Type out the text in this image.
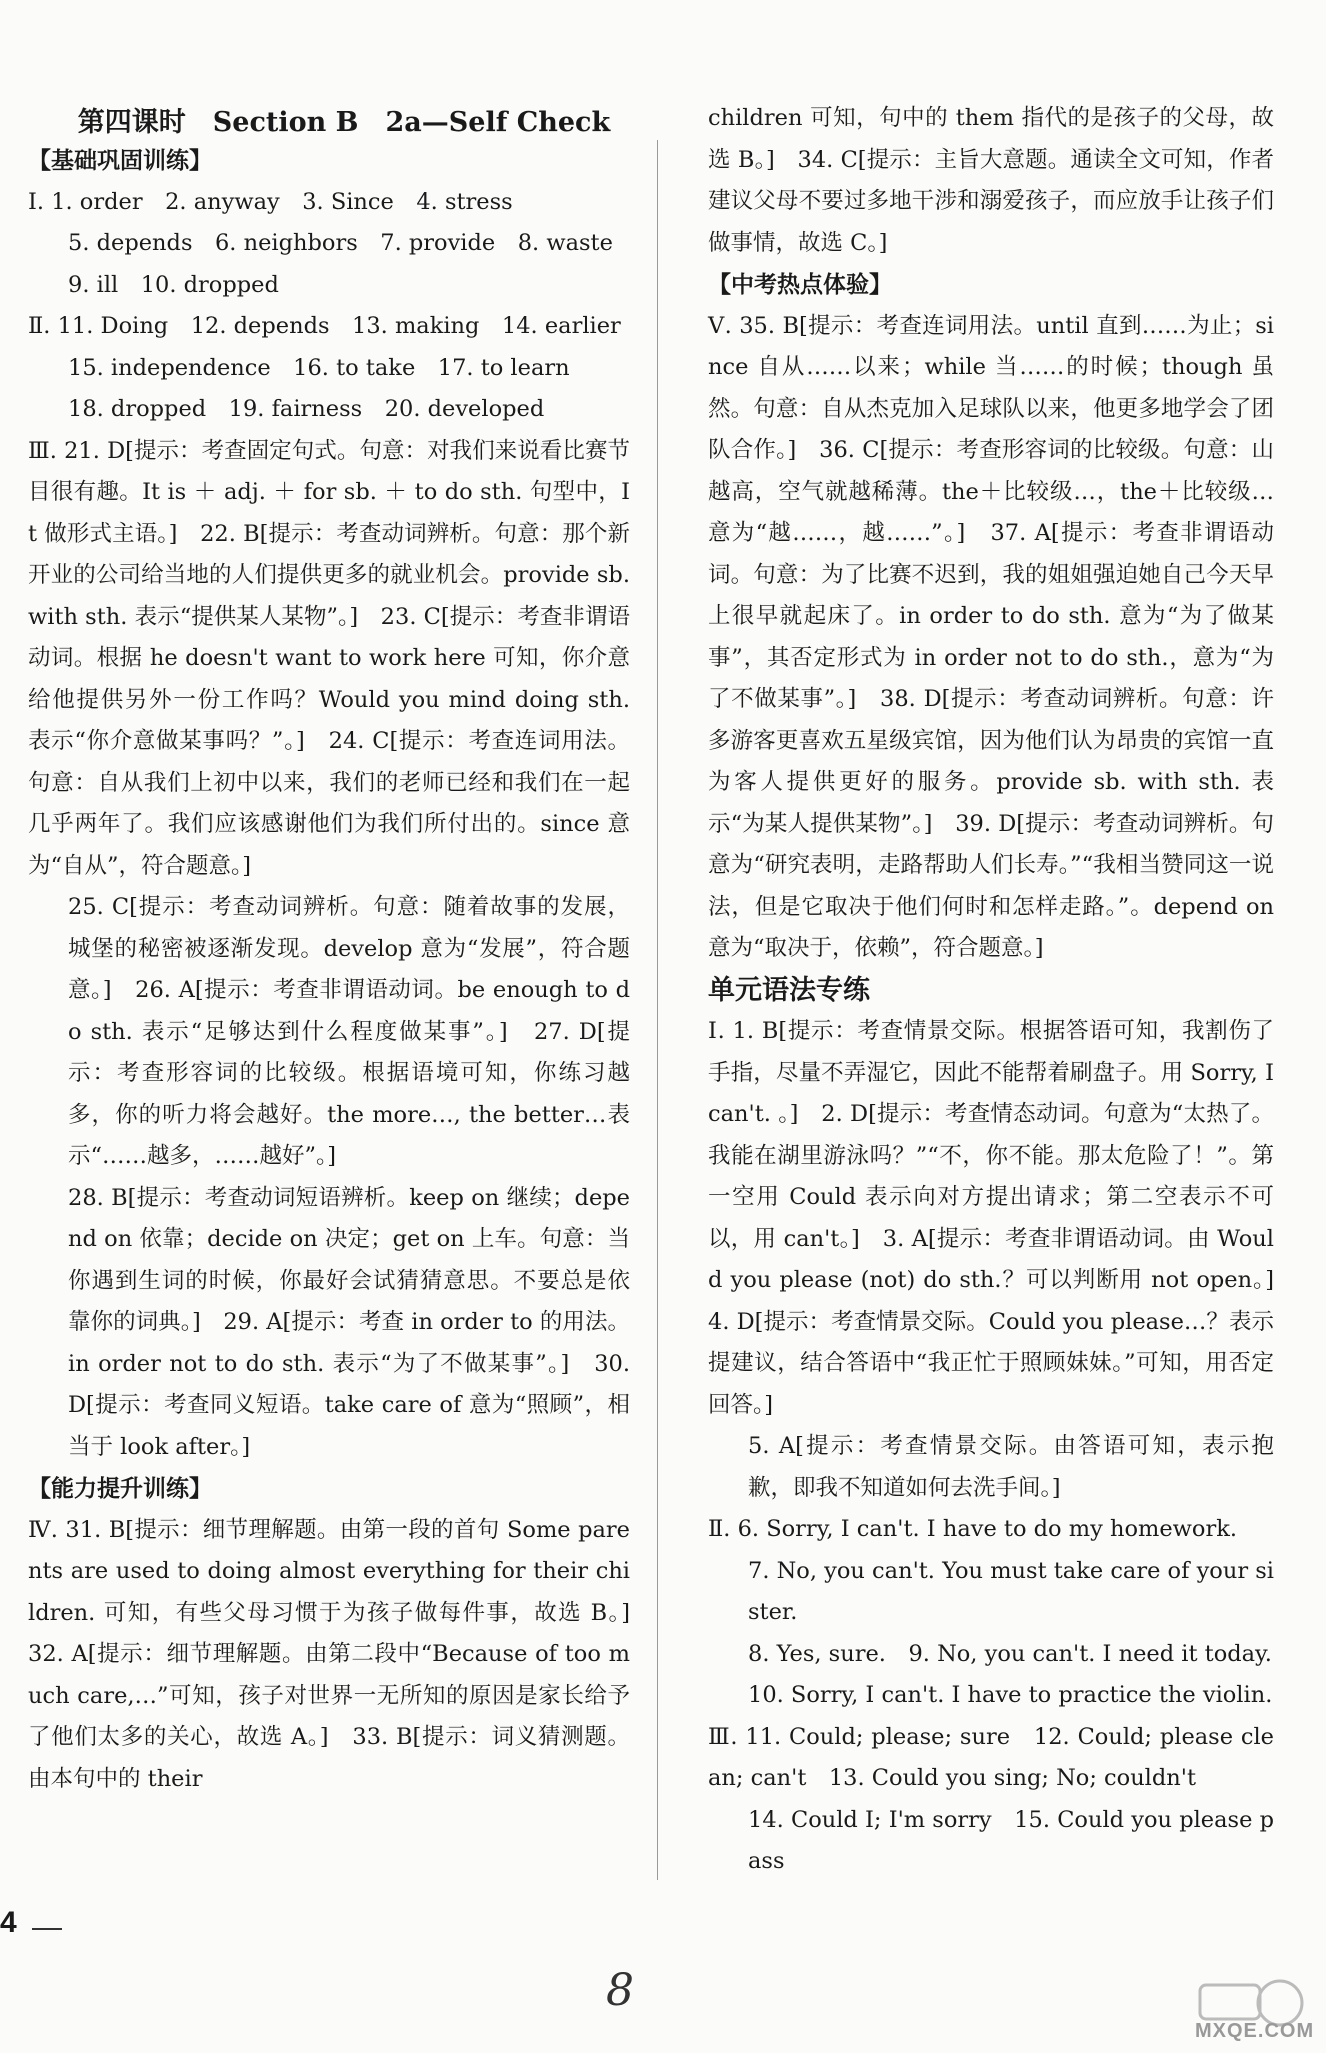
第四课时　Section B　2a—Self Check

【基础巩固训练】

Ⅰ. 1. order　2. anyway　3. Since　4. stress

5. depends　6. neighbors　7. provide　8. waste

9. ill　10. dropped

Ⅱ. 11. Doing　12. depends　13. making　14. earlier

15. independence　16. to take　17. to learn

18. dropped　19. fairness　20. developed

Ⅲ. 21. D[提示：考查固定句式。句意：对我们来说看比赛节目很有趣。It is ＋ adj. ＋ for sb. ＋ to do sth. 句型中，It 做形式主语。]　22. B[提示：考查动词辨析。句意：那个新开业的公司给当地的人们提供更多的就业机会。provide sb. with sth. 表示“提供某人某物”。]　23. C[提示：考查非谓语动词。根据 he doesn't want to work here 可知，你介意给他提供另外一份工作吗？Would you mind doing sth. 表示“你介意做某事吗？”。]　24. C[提示：考查连词用法。句意：自从我们上初中以来，我们的老师已经和我们在一起几乎两年了。我们应该感谢他们为我们所付出的。since 意为“自从”，符合题意。]

25. C[提示：考查动词辨析。句意：随着故事的发展，城堡的秘密被逐渐发现。develop 意为“发展”，符合题意。]　26. A[提示：考查非谓语动词。be enough to do sth. 表示“足够达到什么程度做某事”。]　27. D[提示：考查形容词的比较级。根据语境可知，你练习越多，你的听力将会越好。the more…, the better…表示“……越多，……越好”。]

28. B[提示：考查动词短语辨析。keep on 继续；depend on 依靠；decide on 决定；get on 上车。句意：当你遇到生词的时候，你最好会试猜猜意思。不要总是依靠你的词典。]　29. A[提示：考查 in order to 的用法。in order not to do sth. 表示“为了不做某事”。]　30. D[提示：考查同义短语。take care of 意为“照顾”，相当于 look after。]

【能力提升训练】

Ⅳ. 31. B[提示：细节理解题。由第一段的首句 Some parents are used to doing almost everything for their children. 可知，有些父母习惯于为孩子做每件事，故选 B。]　32. A[提示：细节理解题。由第二段中“Because of too much care,…”可知，孩子对世界一无所知的原因是家长给予了他们太多的关心，故选 A。]　33. B[提示：词义猜测题。由本句中的 their

children 可知，句中的 them 指代的是孩子的父母，故选 B。]　34. C[提示：主旨大意题。通读全文可知，作者建议父母不要过多地干涉和溺爱孩子，而应放手让孩子们做事情，故选 C。]

【中考热点体验】

Ⅴ. 35. B[提示：考查连词用法。until 直到……为止；since 自从……以来；while 当……的时候；though 虽然。句意：自从杰克加入足球队以来，他更多地学会了团队合作。]　36. C[提示：考查形容词的比较级。句意：山越高，空气就越稀薄。the＋比较级…，the＋比较级…意为“越……，越……”。]　37. A[提示：考查非谓语动词。句意：为了比赛不迟到，我的姐姐强迫她自己今天早上很早就起床了。in order to do sth. 意为“为了做某事”，其否定形式为 in order not to do sth.，意为“为了不做某事”。]　38. D[提示：考查动词辨析。句意：许多游客更喜欢五星级宾馆，因为他们认为昂贵的宾馆一直为客人提供更好的服务。provide sb. with sth. 表示“为某人提供某物”。]　39. D[提示：考查动词辨析。句意为“研究表明，走路帮助人们长寿。”“我相当赞同这一说法，但是它取决于他们何时和怎样走路。”。depend on 意为“取决于，依赖”，符合题意。]

单元语法专练

Ⅰ. 1. B[提示：考查情景交际。根据答语可知，我割伤了手指，尽量不弄湿它，因此不能帮着刷盘子。用 Sorry, I can't. 。]　2. D[提示：考查情态动词。句意为“太热了。我能在湖里游泳吗？”“不，你不能。那太危险了！”。第一空用 Could 表示向对方提出请求；第二空表示不可以，用 can't。]　3. A[提示：考查非谓语动词。由 Would you please (not) do sth.？可以判断用 not open。]　4. D[提示：考查情景交际。Could you please…？表示提建议，结合答语中“我正忙于照顾妹妹。”可知，用否定回答。]

5. A[提示：考查情景交际。由答语可知，表示抱歉，即我不知道如何去洗手间。]

Ⅱ. 6. Sorry, I can't. I have to do my homework.

7. No, you can't. You must take care of your sister.

8. Yes, sure.　9. No, you can't. I need it today.

10. Sorry, I can't. I have to practice the violin.

Ⅲ. 11. Could; please; sure　12. Could; please clean; can't　13. Could you sing; No; couldn't

14. Could I; I'm sorry　15. Could you please pass

4
8
MXQE.COM
